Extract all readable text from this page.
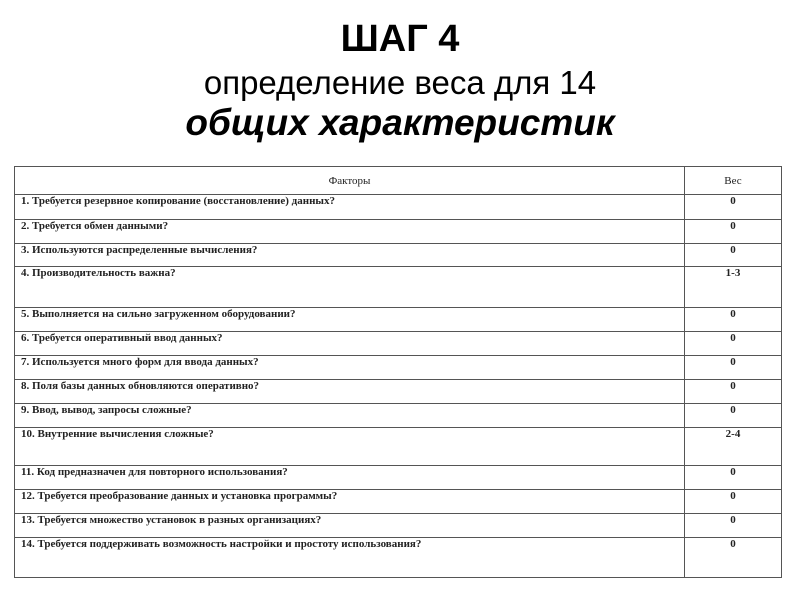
ШАГ 4
определение веса для 14
общих характеристик
Факторы	Вес
1. Требуется резервное копирование (восстановление) данных?	0
2. Требуется обмен данными?	0
3. Используются распределенные вычисления?	0
4. Производительность важна?	1-3
5. Выполняется на сильно загруженном оборудовании?	0
6. Требуется оперативный ввод данных?	0
7. Используется много форм для ввода данных?	0
8. Поля базы данных обновляются оперативно?	0
9. Ввод, вывод, запросы сложные?	0
10. Внутренние вычисления сложные?	2-4
11. Код предназначен для повторного использования?	0
12. Требуется преобразование данных и установка программы?	0
13. Требуется множество установок в разных организациях?	0
14. Требуется поддерживать возможность настройки и простоту использования?	0
